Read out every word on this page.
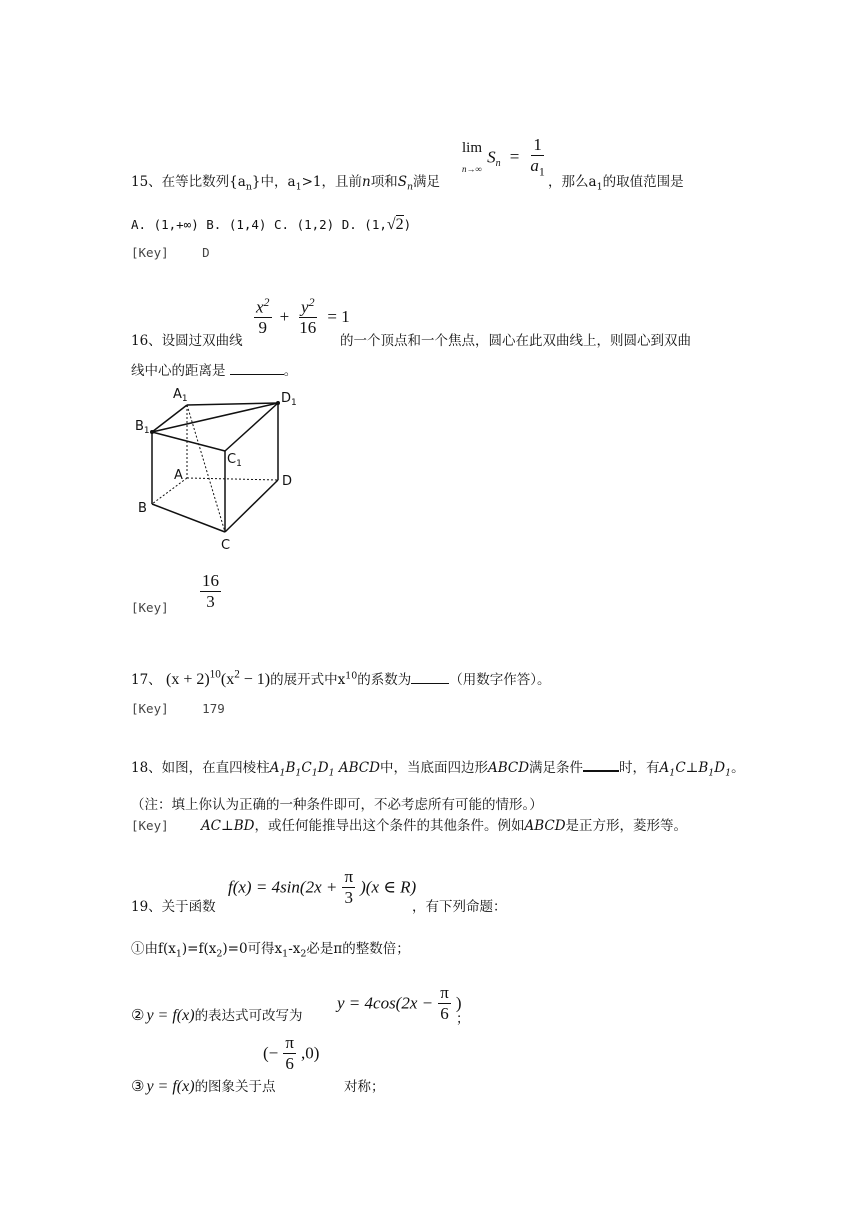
lim
n→∞ $S_n = \frac{1}{a_1}$
15、在等比数列$\{a_n\}$中，$a_1>1$，且前n项和$S_n$满足	，那么$a_1$的取值范围是
A. (1,+∞) B. (1,4) C. (1,2) D. (1,√2)
[Key]	D
$\frac{x^2}{9} + \frac{y^2}{16} = 1$
16、设圆过双曲线	的一个顶点和一个焦点，圆心在此双曲线上，则圆心到双曲
线中心的距离是	。
$A_1$	$D_1$
$B_1$
$C_1$
A	D
B
C
$\frac{16}{3}$
[Key]
17、 $(x + 2)^{10}(x^2 - 1)$的展开式中$x^{10}$的系数为	（用数字作答）。
[Key]	179
18、如图，在直四棱柱$A_1B_1C_1D_1$ ABCD中，当底面四边形ABCD满足条件	时，有$A_1C\perp B_1D_1$。
（注：填上你认为正确的一种条件即可，不必考虑所有可能的情形。）
[Key] AC⊥BD，或任何能推导出这个条件的其他条件。例如ABCD是正方形，菱形等。
$f(x) = 4\sin(2x + \frac{\pi}{3} )(x$ ∈ R)
19、关于函数	，有下列命题：
①由$f(x_1)=f(x_2)=0$可得$x_1-x_2$必是π的整数倍；
$y = 4\cos(2x - \frac{\pi}{6}$ )
② y = f(x)的表达式可改写为	；
(− $\frac{\pi}{6} ,0$)
③ y = f(x)的图象关于点	对称；
